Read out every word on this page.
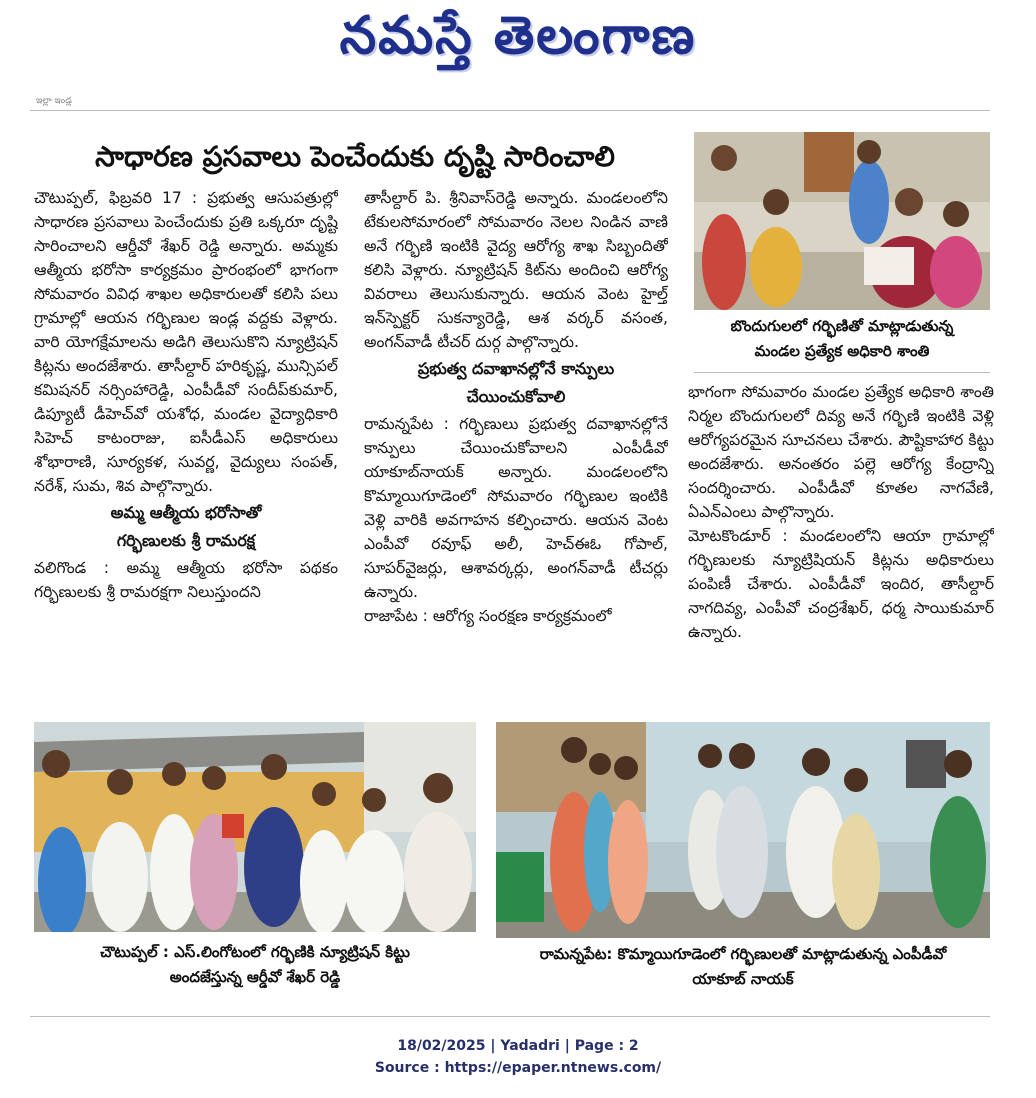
నమస్తే తెలంగాణ
ఇల్లా ఇండ్ల
సాధారణ ప్రసవాలు పెంచేందుకు దృష్టి సారించాలి

చౌటుప్పల్, ఫిబ్రవరి 17 : ప్రభుత్వ ఆసుపత్రుల్లో సాధారణ ప్రసవాలు పెంచేందుకు ప్రతి ఒక్కరూ దృష్టి సారించాలని ఆర్డీవో శేఖర్ రెడ్డి అన్నారు. అమ్మకు ఆత్మీయ భరోసా కార్యక్రమం ప్రారంభంలో భాగంగా సోమవారం వివిధ శాఖల అధికారులతో కలిసి పలు గ్రామాల్లో ఆయన గర్భిణుల ఇండ్ల వద్దకు వెళ్లారు. వారి యోగక్షేమాలను అడిగి తెలుసుకొని న్యూట్రిషన్ కిట్లను అందజేశారు. తాసీల్దార్ హరికృష్ణ, మున్సిపల్ కమిషనర్ నర్సింహారెడ్డి, ఎంపీడీవో సందీప్‌కుమార్, డిప్యూటీ డీహెచ్‌వో యశోధ, మండల వైద్యాధికారి సిహెచ్ కాటంరాజు, ఐసీడీఎస్ అధికారులు శోభారాణి, సూర్యకళ, సువర్ణ, వైద్యులు సంపత్, నరేశ్, సుమ, శివ పాల్గొన్నారు.

అమ్మ ఆత్మీయ భరోసాతో
గర్భిణులకు శ్రీ రామరక్ష

వలిగొండ : అమ్మ ఆత్మీయ భరోసా పథకం గర్భిణులకు శ్రీ రామరక్షగా నిలుస్తుందని

తాసీల్దార్ పి. శ్రీనివాస్‌రెడ్డి అన్నారు. మండలంలోని టేకులసోమారంలో సోమవారం నెలల నిండిన వాణి అనే గర్భిణి ఇంటికి వైద్య ఆరోగ్య శాఖ సిబ్బందితో కలిసి వెళ్లారు. న్యూట్రిషన్ కిట్‌ను అందించి ఆరోగ్య వివరాలు తెలుసుకున్నారు. ఆయన వెంట హైల్త్ ఇన్‌స్పెక్టర్ సుకన్యారెడ్డి, ఆశ వర్కర్ వసంత, అంగన్‌వాడీ టీచర్ దుర్గ పాల్గొన్నారు.

ప్రభుత్వ దవాఖానల్లోనే కాన్పులు
చేయించుకోవాలి

రామన్నపేట : గర్భిణులు ప్రభుత్వ దవాఖానల్లోనే కాన్పులు చేయించుకోవాలని ఎంపీడీవో యాకూబ్‌నాయక్ అన్నారు. మండలంలోని కొమ్మాయిగూడెంలో సోమవారం గర్భిణుల ఇంటికి వెళ్లి వారికి అవగాహన కల్పించారు. ఆయన వెంట ఎంపీవో రవూఫ్ అలీ, హెచ్ఈఓ గోపాల్, సూపర్‌వైజర్లు, ఆశావర్కర్లు, అంగన్‌వాడీ టీచర్లు ఉన్నారు.

రాజాపేట : ఆరోగ్య సంరక్షణ కార్యక్రమంలో

బొందుగులలో గర్భిణితో మాట్లాడుతున్న
మండల ప్రత్యేక అధికారి శాంతి

భాగంగా సోమవారం మండల ప్రత్యేక అధికారి శాంతి నిర్మల బొందుగులలో దివ్య అనే గర్భిణి ఇంటికి వెళ్లి ఆరోగ్యపరమైన సూచనలు చేశారు. పౌష్టికాహార కిట్టు అందజేశారు. అనంతరం పల్లె ఆరోగ్య కేంద్రాన్ని సందర్శించారు. ఎంపీడీవో కూతల నాగవేణి, ఏఎన్ఎంలు పాల్గొన్నారు.

మోటకొండూర్ : మండలంలోని ఆయా గ్రామాల్లో గర్భిణులకు న్యూట్రిషియన్ కిట్లను అధికారులు పంపిణీ చేశారు. ఎంపీడీవో ఇందిర, తాసీల్దార్ నాగదివ్య, ఎంపీవో చంద్రశేఖర్, ధర్మ సాయికుమార్ ఉన్నారు.

చౌటుప్పల్ : ఎస్.లింగోటంలో గర్భిణికి న్యూట్రిషన్ కిట్టు
అందజేస్తున్న ఆర్డీవో శేఖర్ రెడ్డి
రామన్నపేట: కొమ్మాయిగూడెంలో గర్భిణులతో మాట్లాడుతున్న ఎంపీడీవో
యాకూబ్ నాయక్
18/02/2025 | Yadadri | Page : 2
Source : https://epaper.ntnews.com/
